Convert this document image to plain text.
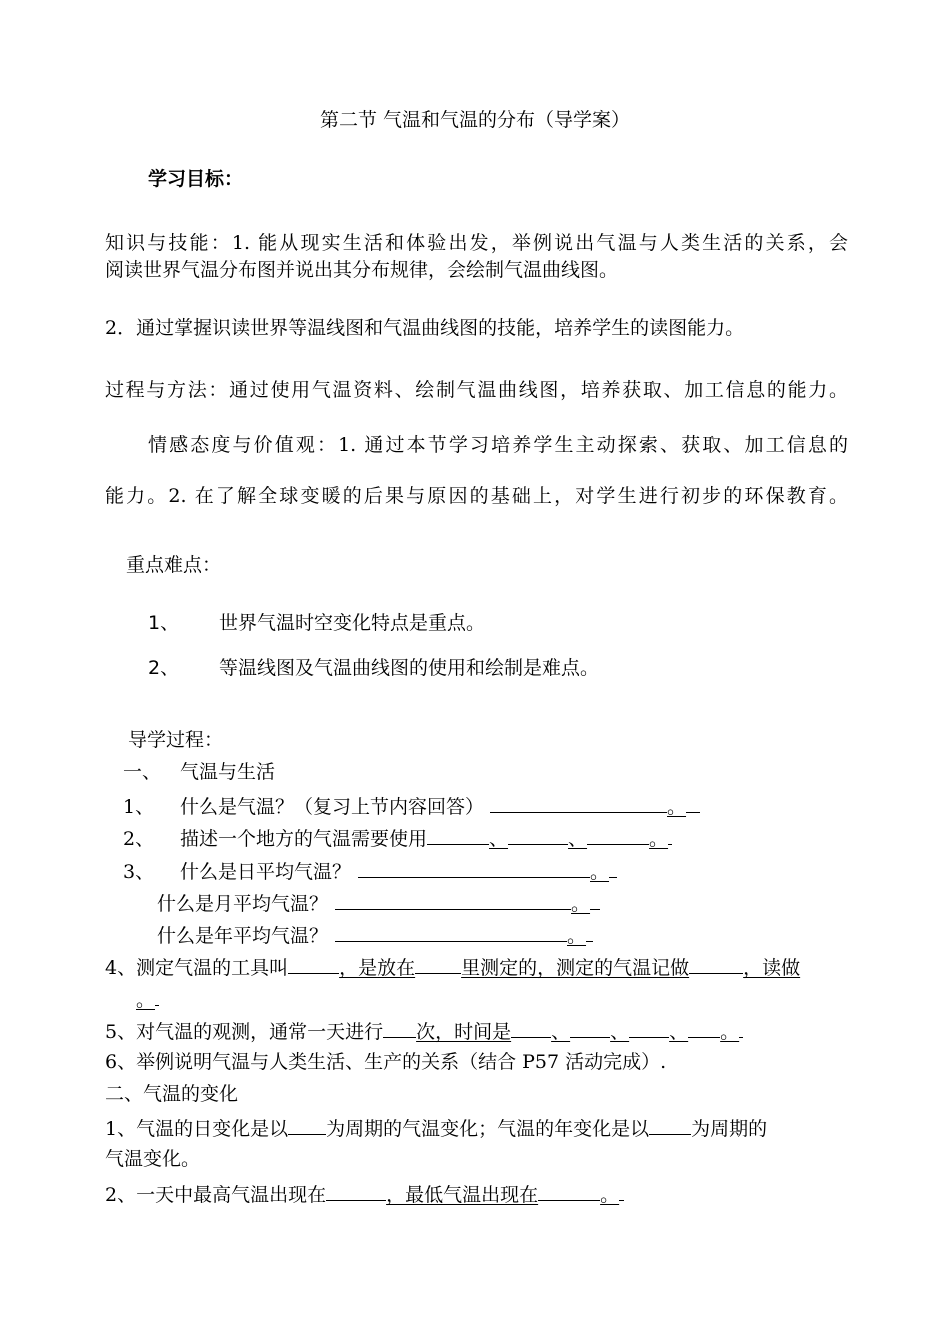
第二节 气温和气温的分布（导学案）
学习目标：
知识与技能：1. 能从现实生活和体验出发，举例说出气温与人类生活的关系，会
阅读世界气温分布图并说出其分布规律，会绘制气温曲线图。
2．通过掌握识读世界等温线图和气温曲线图的技能，培养学生的读图能力。
过程与方法：通过使用气温资料、绘制气温曲线图，培养获取、加工信息的能力。
情感态度与价值观：1. 通过本节学习培养学生主动探索、获取、加工信息的
能力。2. 在了解全球变暖的后果与原因的基础上，对学生进行初步的环保教育。
重点难点：
1、 世界气温时空变化特点是重点。
2、 等温线图及气温曲线图的使用和绘制是难点。
导学过程：
一、 气温与生活
1、 什么是气温？（复习上节内容回答）	。
2、 描述一个地方的气温需要使用	、	、	。
3、 什么是日平均气温？	。
什么是月平均气温？	。
什么是年平均气温？	。
4、测定气温的工具叫	，是放在 里测定的，测定的气温记做	，读做
。
5、对气温的观测，通常一天进行 次，时间是 、 、 、 。
6、举例说明气温与人类生活、生产的关系（结合 P57 活动完成）.
二、气温的变化
1、气温的日变化是以 为周期的气温变化；气温的年变化是以 为周期的
气温变化。
2、一天中最高气温出现在	，最低气温出现在	。
